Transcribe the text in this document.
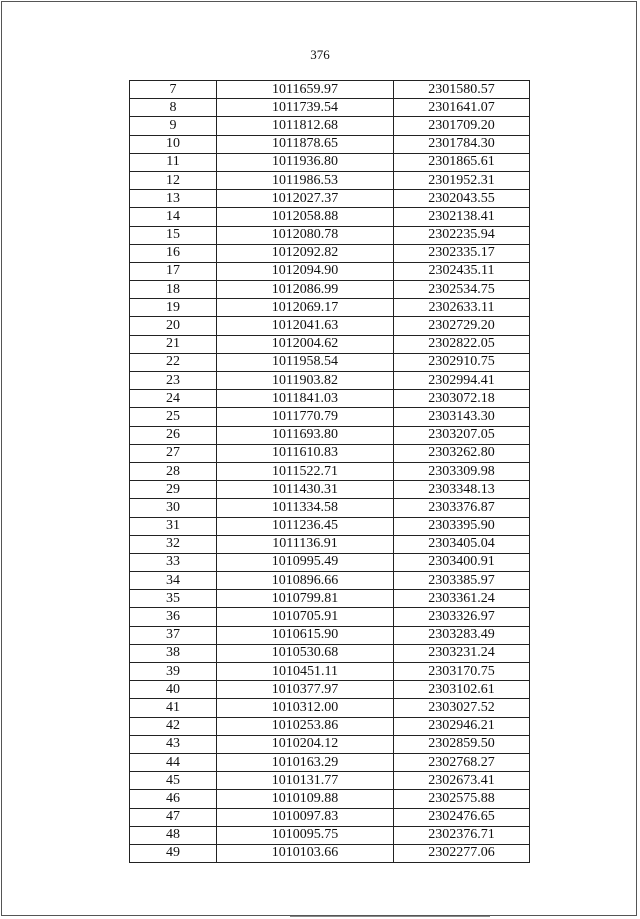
376
7	1011659.97	2301580.57
8	1011739.54	2301641.07
9	1011812.68	2301709.20
10	1011878.65	2301784.30
11	1011936.80	2301865.61
12	1011986.53	2301952.31
13	1012027.37	2302043.55
14	1012058.88	2302138.41
15	1012080.78	2302235.94
16	1012092.82	2302335.17
17	1012094.90	2302435.11
18	1012086.99	2302534.75
19	1012069.17	2302633.11
20	1012041.63	2302729.20
21	1012004.62	2302822.05
22	1011958.54	2302910.75
23	1011903.82	2302994.41
24	1011841.03	2303072.18
25	1011770.79	2303143.30
26	1011693.80	2303207.05
27	1011610.83	2303262.80
28	1011522.71	2303309.98
29	1011430.31	2303348.13
30	1011334.58	2303376.87
31	1011236.45	2303395.90
32	1011136.91	2303405.04
33	1010995.49	2303400.91
34	1010896.66	2303385.97
35	1010799.81	2303361.24
36	1010705.91	2303326.97
37	1010615.90	2303283.49
38	1010530.68	2303231.24
39	1010451.11	2303170.75
40	1010377.97	2303102.61
41	1010312.00	2303027.52
42	1010253.86	2302946.21
43	1010204.12	2302859.50
44	1010163.29	2302768.27
45	1010131.77	2302673.41
46	1010109.88	2302575.88
47	1010097.83	2302476.65
48	1010095.75	2302376.71
49	1010103.66	2302277.06
